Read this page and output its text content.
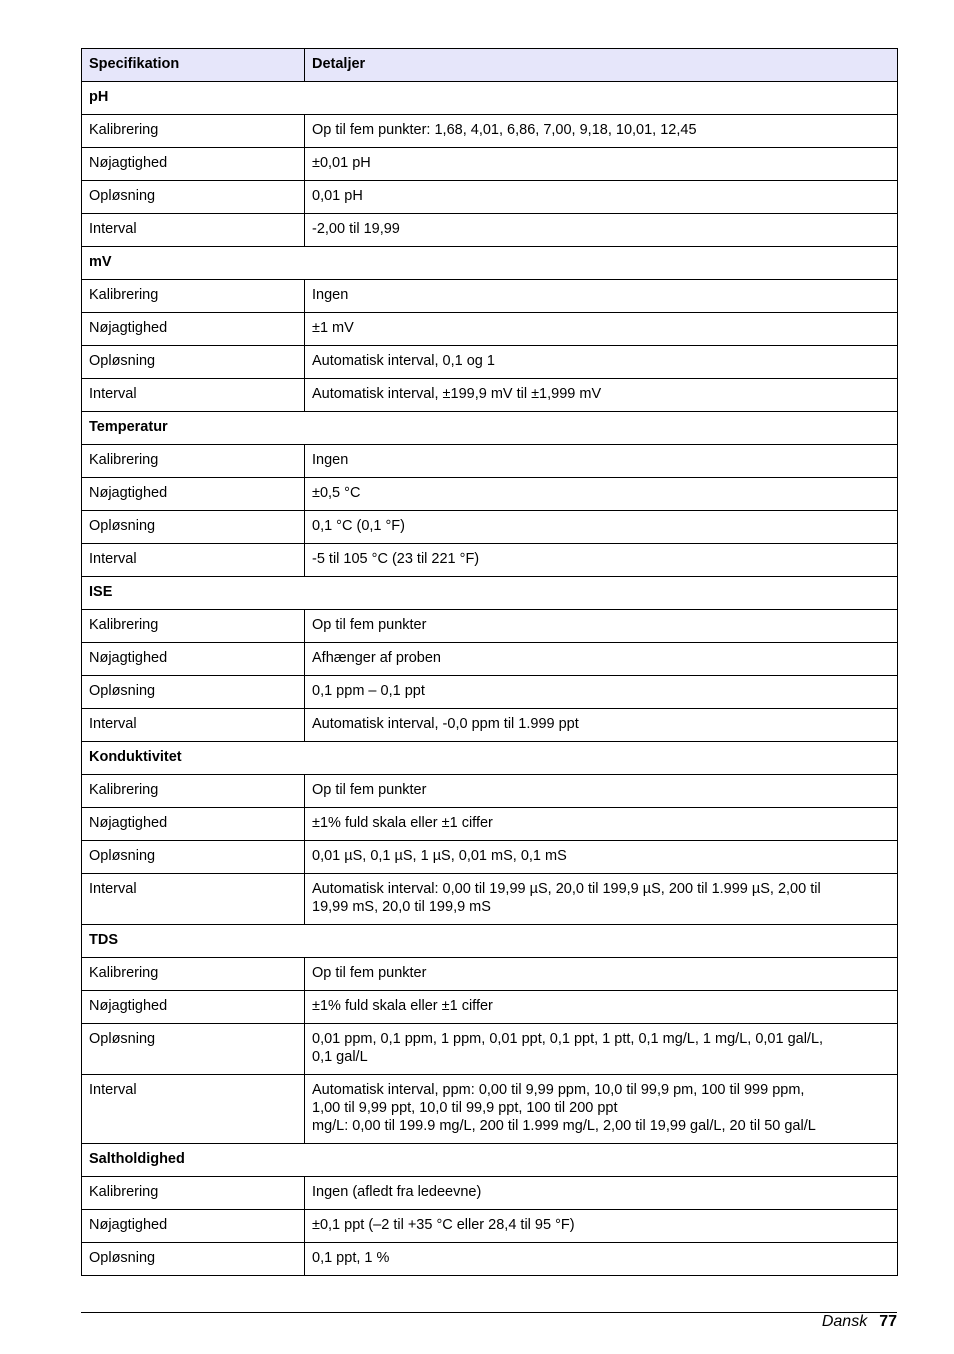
Specifikation	Detaljer
pH	
Kalibrering	Op til fem punkter: 1,68, 4,01, 6,86, 7,00, 9,18, 10,01, 12,45

Nøjagtighed	±0,01 pH

Opløsning	0,01 pH

Interval	-2,00 til 19,99

mV	
Kalibrering	Ingen

Nøjagtighed	±1 mV

Opløsning	Automatisk interval, 0,1 og 1

Interval	Automatisk interval, ±199,9 mV til ±1,999 mV

Temperatur	
Kalibrering	Ingen

Nøjagtighed	±0,5 °C

Opløsning	0,1 °C (0,1 °F)

Interval	-5 til 105 °C (23 til 221 °F)

ISE	
Kalibrering	Op til fem punkter

Nøjagtighed	Afhænger af proben

Opløsning	0,1 ppm – 0,1 ppt

Interval	Automatisk interval, -0,0 ppm til 1.999 ppt

Konduktivitet	
Kalibrering	Op til fem punkter

Nøjagtighed	±1% fuld skala eller ±1 ciffer

Opløsning	0,01 µS, 0,1 µS, 1 µS, 0,01 mS, 0,1 mS

Interval	Automatisk interval: 0,00 til 19,99 µS, 20,0 til 199,9 µS, 200 til 1.999 µS, 2,00 til
19,99 mS, 20,0 til 199,9 mS

TDS	
Kalibrering	Op til fem punkter

Nøjagtighed	±1% fuld skala eller ±1 ciffer

Opløsning	0,01 ppm, 0,1 ppm, 1 ppm, 0,01 ppt, 0,1 ppt, 1 ptt, 0,1 mg/L, 1 mg/L, 0,01 gal/L,
0,1 gal/L

Interval	Automatisk interval, ppm: 0,00 til 9,99 ppm, 10,0 til 99,9 pm, 100 til 999 ppm,
1,00 til 9,99 ppt, 10,0 til 99,9 ppt, 100 til 200 ppt
mg/L: 0,00 til 199.9 mg/L, 200 til 1.999 mg/L, 2,00 til 19,99 gal/L, 20 til 50 gal/L

Saltholdighed	
Kalibrering	Ingen (afledt fra ledeevne)

Nøjagtighed	±0,1 ppt (–2 til +35 °C eller 28,4 til 95 °F)

Opløsning	0,1 ppt, 1 %
Dansk 77
